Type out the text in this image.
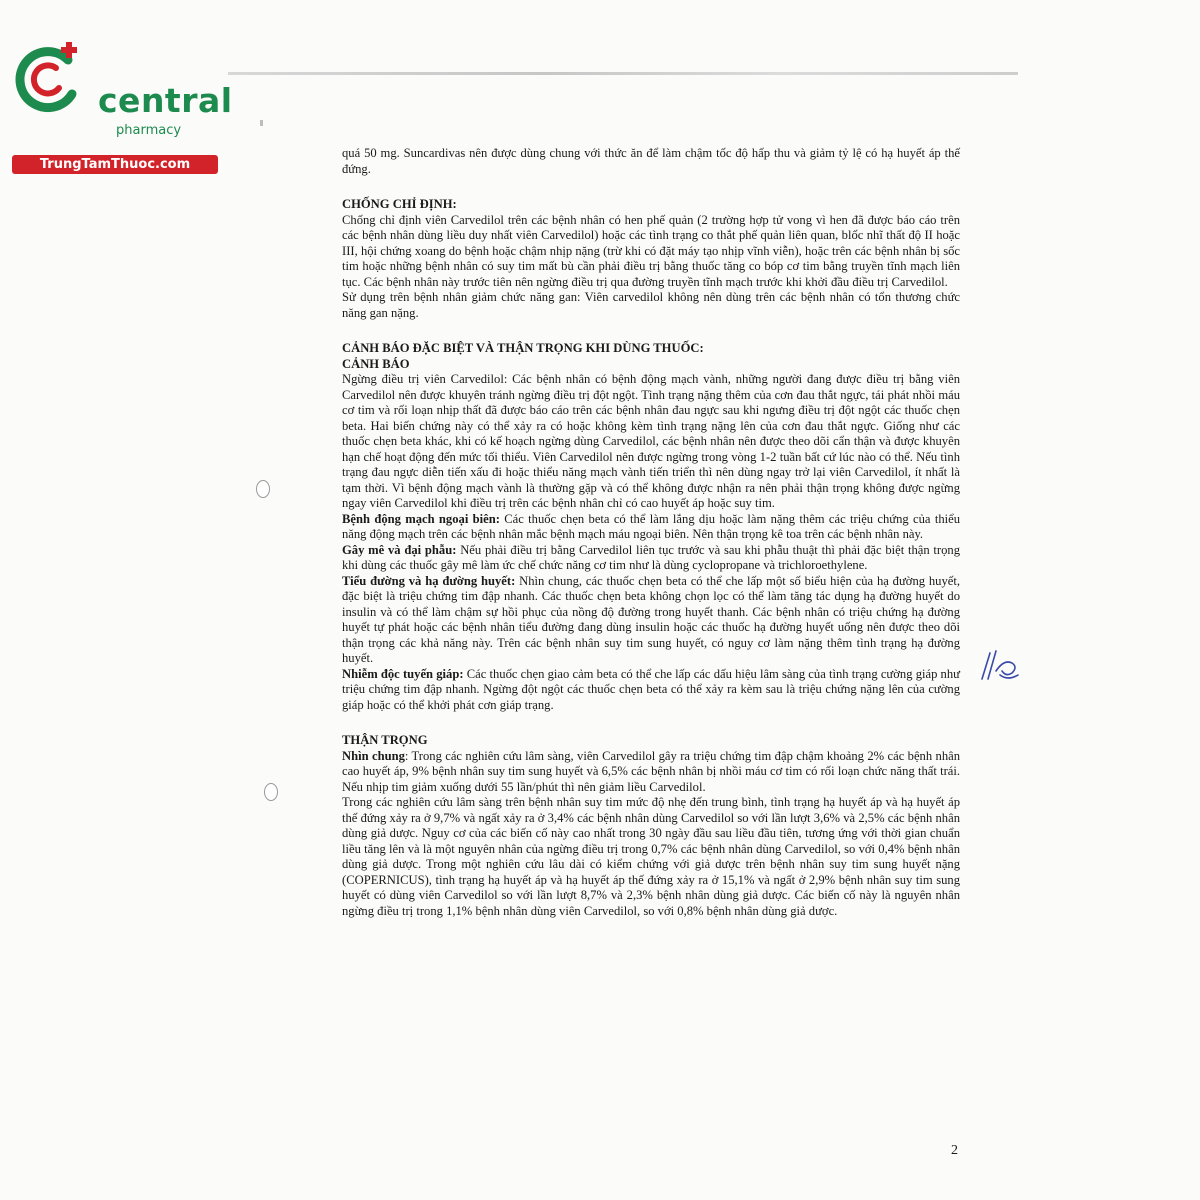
central
pharmacy
TrungTamThuoc.com

quá 50 mg. Suncardivas nên được dùng chung với thức ăn để làm chậm tốc độ hấp thu và giảm tỷ lệ có hạ huyết áp thế đứng.

CHỐNG CHỈ ĐỊNH:

Chống chỉ định viên Carvedilol trên các bệnh nhân có hen phế quản (2 trường hợp tử vong vì hen đã được báo cáo trên các bệnh nhân dùng liều duy nhất viên Carvedilol) hoặc các tình trạng co thắt phế quản liên quan, blốc nhĩ thất độ II hoặc III, hội chứng xoang do bệnh hoặc chậm nhịp nặng (trừ khi có đặt máy tạo nhịp vĩnh viễn), hoặc trên các bệnh nhân bị sốc tim hoặc những bệnh nhân có suy tim mất bù cần phải điều trị bằng thuốc tăng co bóp cơ tim bằng truyền tĩnh mạch liên tục. Các bệnh nhân này trước tiên nên ngừng điều trị qua đường truyền tĩnh mạch trước khi khởi đầu điều trị Carvedilol.

Sử dụng trên bệnh nhân giảm chức năng gan: Viên carvedilol không nên dùng trên các bệnh nhân có tổn thương chức năng gan nặng.

CẢNH BÁO ĐẶC BIỆT VÀ THẬN TRỌNG KHI DÙNG THUỐC:
CẢNH BÁO

Ngừng điều trị viên Carvedilol: Các bệnh nhân có bệnh động mạch vành, những người đang được điều trị bằng viên Carvedilol nên được khuyên tránh ngừng điều trị đột ngột. Tình trạng nặng thêm của cơn đau thắt ngực, tái phát nhồi máu cơ tim và rối loạn nhịp thất đã được báo cáo trên các bệnh nhân đau ngực sau khi ngưng điều trị đột ngột các thuốc chẹn beta. Hai biến chứng này có thể xảy ra có hoặc không kèm tình trạng nặng lên của cơn đau thắt ngực. Giống như các thuốc chẹn beta khác, khi có kế hoạch ngừng dùng Carvedilol, các bệnh nhân nên được theo dõi cẩn thận và được khuyên hạn chế hoạt động đến mức tối thiểu. Viên Carvedilol nên được ngừng trong vòng 1-2 tuần bất cứ lúc nào có thể. Nếu tình trạng đau ngực diễn tiến xấu đi hoặc thiểu năng mạch vành tiến triển thì nên dùng ngay trở lại viên Carvedilol, ít nhất là tạm thời. Vì bệnh động mạch vành là thường gặp và có thể không được nhận ra nên phải thận trọng không được ngừng ngay viên Carvedilol khi điều trị trên các bệnh nhân chỉ có cao huyết áp hoặc suy tim.

Bệnh động mạch ngoại biên: Các thuốc chẹn beta có thể làm lắng dịu hoặc làm nặng thêm các triệu chứng của thiểu năng động mạch trên các bệnh nhân mắc bệnh mạch máu ngoại biên. Nên thận trọng kê toa trên các bệnh nhân này.

Gây mê và đại phẫu: Nếu phải điều trị bằng Carvedilol liên tục trước và sau khi phẫu thuật thì phải đặc biệt thận trọng khi dùng các thuốc gây mê làm ức chế chức năng cơ tim như là dùng cyclopropane và trichloroethylene.

Tiểu đường và hạ đường huyết: Nhìn chung, các thuốc chẹn beta có thể che lấp một số biểu hiện của hạ đường huyết, đặc biệt là triệu chứng tim đập nhanh. Các thuốc chẹn beta không chọn lọc có thể làm tăng tác dụng hạ đường huyết do insulin và có thể làm chậm sự hồi phục của nồng độ đường trong huyết thanh. Các bệnh nhân có triệu chứng hạ đường huyết tự phát hoặc các bệnh nhân tiểu đường đang dùng insulin hoặc các thuốc hạ đường huyết uống nên được theo dõi thận trọng các khả năng này. Trên các bệnh nhân suy tim sung huyết, có nguy cơ làm nặng thêm tình trạng hạ đường huyết.

Nhiễm độc tuyến giáp: Các thuốc chẹn giao cảm beta có thể che lấp các dấu hiệu lâm sàng của tình trạng cường giáp như triệu chứng tim đập nhanh. Ngừng đột ngột các thuốc chẹn beta có thể xảy ra kèm sau là triệu chứng nặng lên của cường giáp hoặc có thể khởi phát cơn giáp trạng.

THẬN TRỌNG

Nhìn chung: Trong các nghiên cứu lâm sàng, viên Carvedilol gây ra triệu chứng tim đập chậm khoảng 2% các bệnh nhân cao huyết áp, 9% bệnh nhân suy tim sung huyết và 6,5% các bệnh nhân bị nhồi máu cơ tim có rối loạn chức năng thất trái. Nếu nhịp tim giảm xuống dưới 55 lần/phút thì nên giảm liều Carvedilol.

Trong các nghiên cứu lâm sàng trên bệnh nhân suy tim mức độ nhẹ đến trung bình, tình trạng hạ huyết áp và hạ huyết áp thế đứng xảy ra ở 9,7% và ngất xảy ra ở 3,4% các bệnh nhân dùng Carvedilol so với lần lượt 3,6% và 2,5% các bệnh nhân dùng giả dược. Nguy cơ của các biến cố này cao nhất trong 30 ngày đầu sau liều đầu tiên, tương ứng với thời gian chuẩn liều tăng lên và là một nguyên nhân của ngừng điều trị trong 0,7% các bệnh nhân dùng Carvedilol, so với 0,4% bệnh nhân dùng giả dược. Trong một nghiên cứu lâu dài có kiểm chứng với giả dược trên bệnh nhân suy tim sung huyết nặng (COPERNICUS), tình trạng hạ huyết áp và hạ huyết áp thế đứng xảy ra ở 15,1% và ngất ở 2,9% bệnh nhân suy tim sung huyết có dùng viên Carvedilol so với lần lượt 8,7% và 2,3% bệnh nhân dùng giả dược. Các biến cố này là nguyên nhân ngừng điều trị trong 1,1% bệnh nhân dùng viên Carvedilol, so với 0,8% bệnh nhân dùng giả dược.

2
